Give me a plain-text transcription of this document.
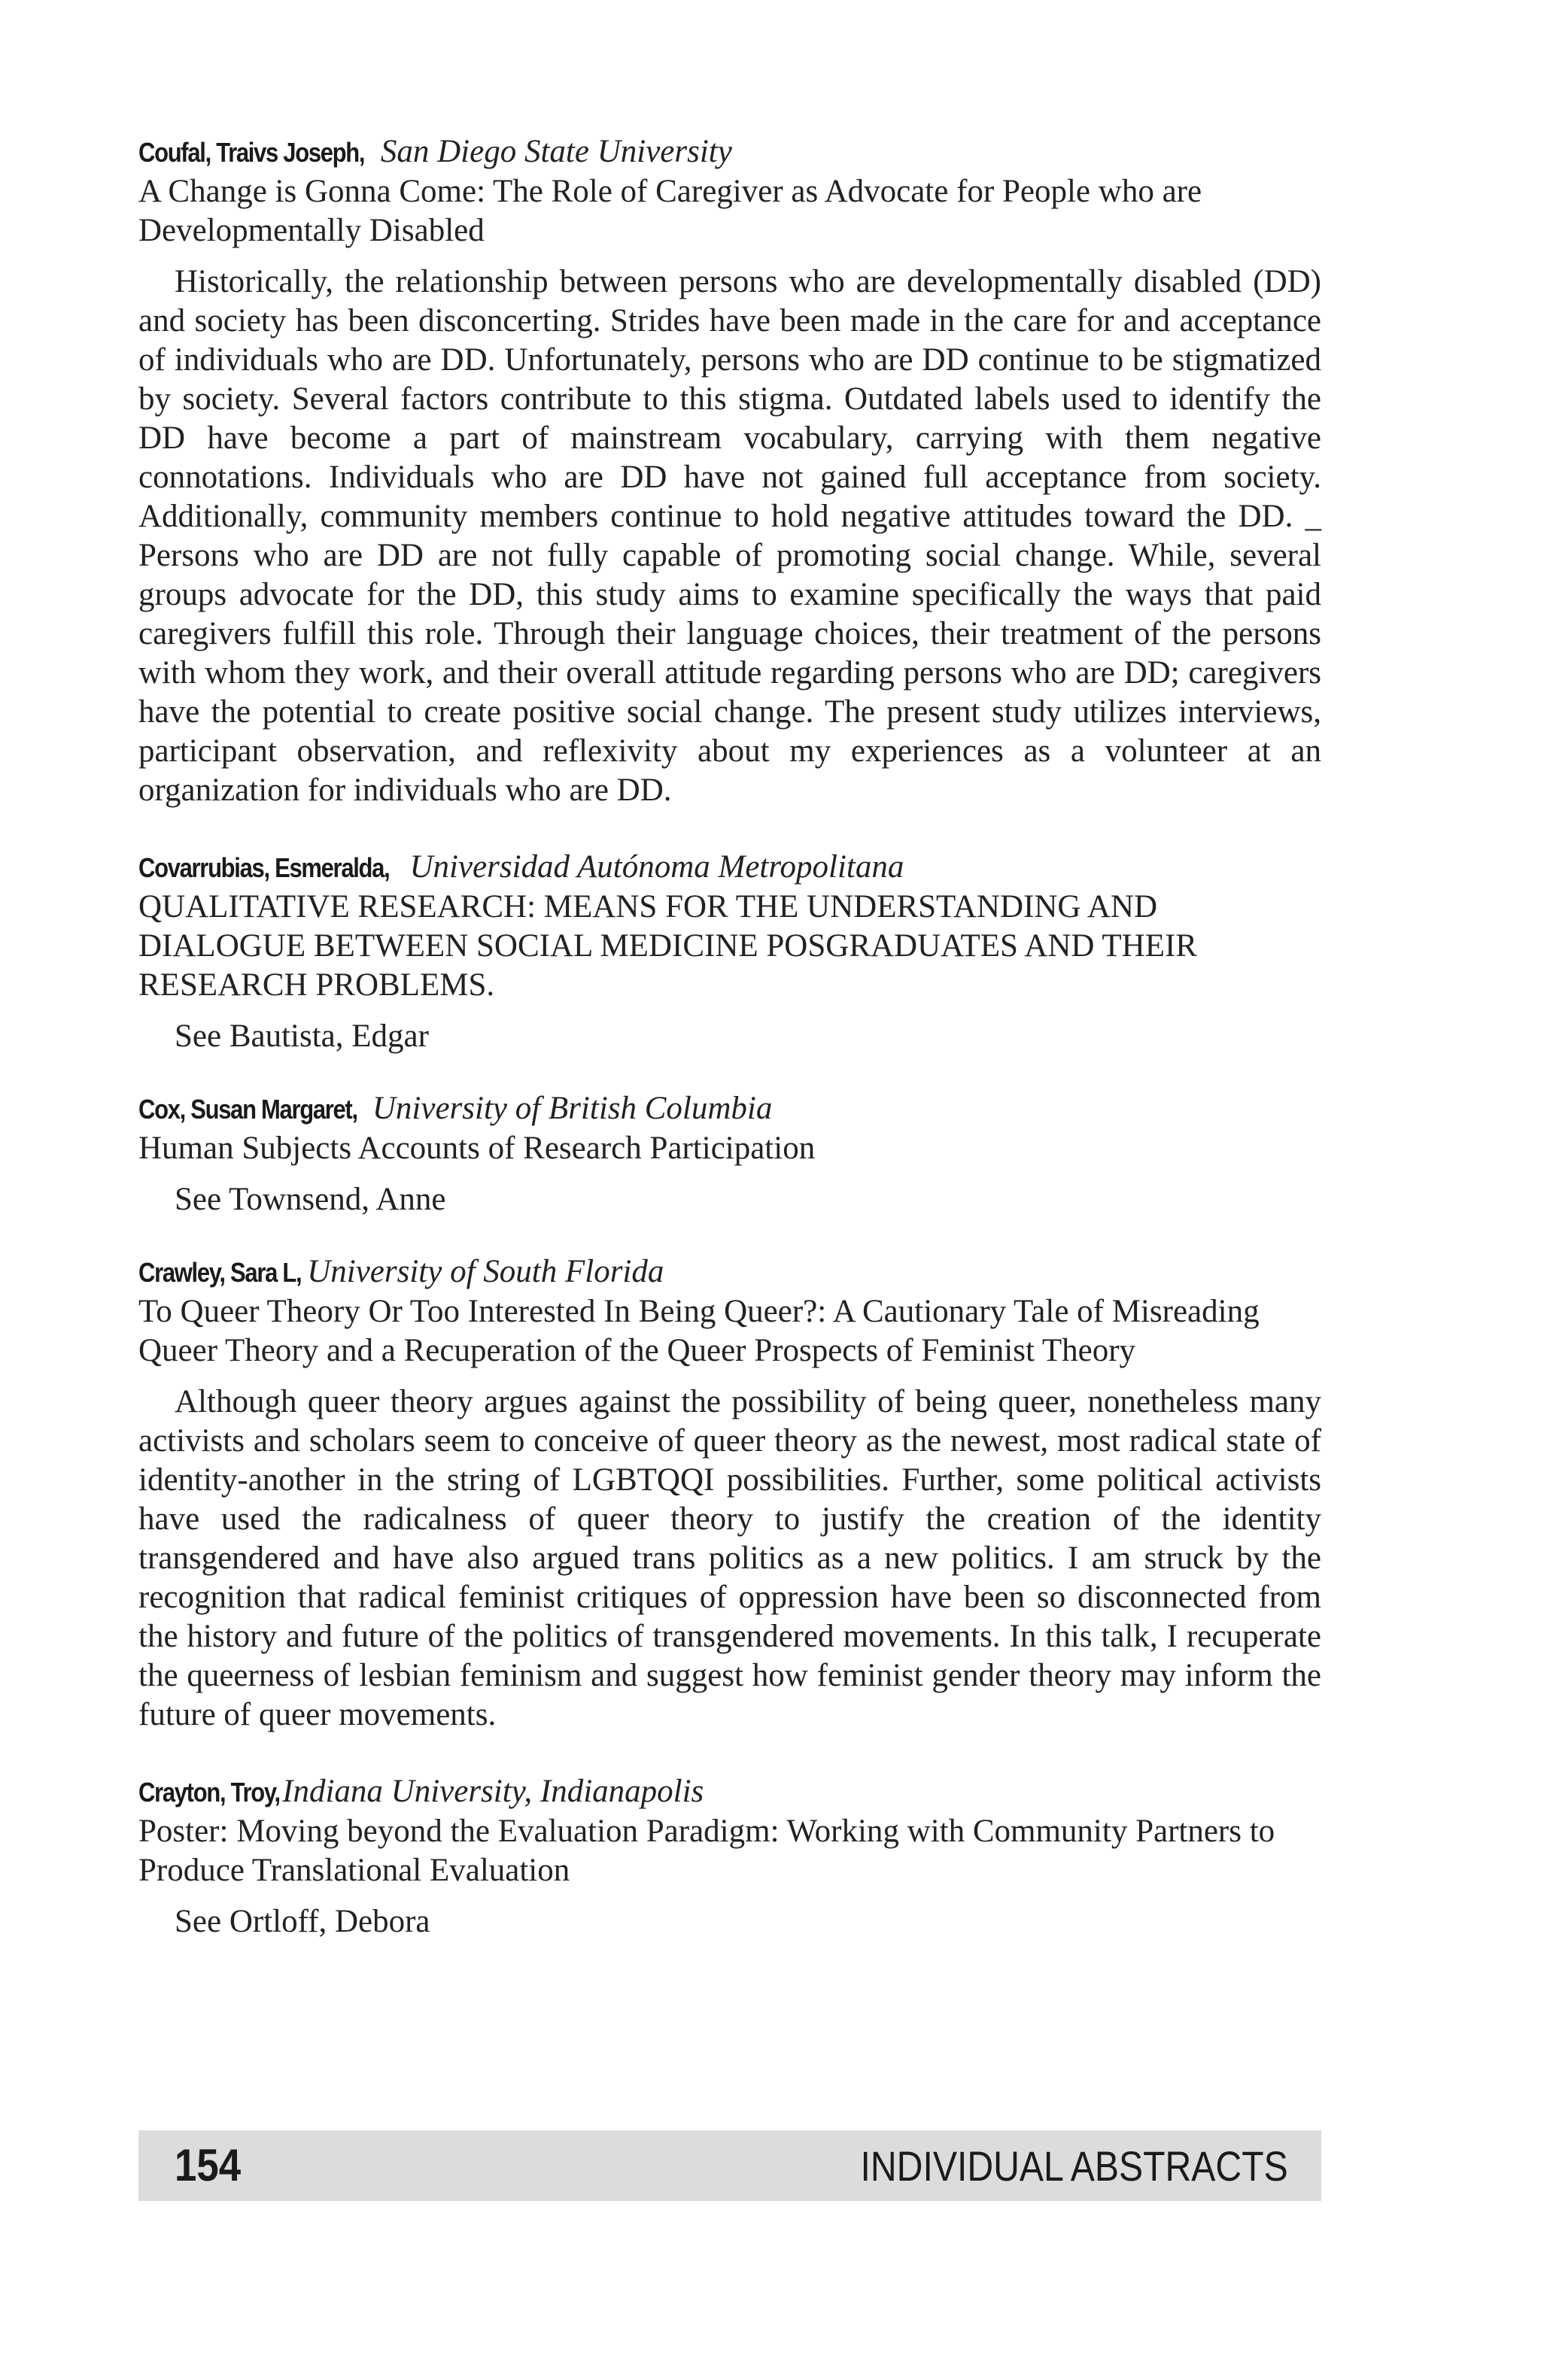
Coufal, Traivs Joseph, San Diego State University
A Change is Gonna Come: The Role of Caregiver as Advocate for People who are Developmentally Disabled
Historically, the relationship between persons who are developmentally disabled (DD) and society has been disconcerting. Strides have been made in the care for and acceptance of individuals who are DD. Unfortunately, persons who are DD continue to be stigmatized by society. Several factors contribute to this stigma. Outdated labels used to identify the DD have become a part of mainstream vocabulary, carrying with them negative connotations. Individuals who are DD have not gained full acceptance from society. Additionally, community members continue to hold negative attitudes toward the DD. _ Persons who are DD are not fully capable of promoting social change. While, several groups advocate for the DD, this study aims to examine specifically the ways that paid caregivers fulfill this role. Through their language choices, their treatment of the persons with whom they work, and their overall attitude regarding persons who are DD; caregivers have the potential to create positive social change. The present study utilizes interviews, participant observation, and reflexivity about my experiences as a volunteer at an organization for individuals who are DD.
Covarrubias, Esmeralda, Universidad Autónoma Metropolitana
QUALITATIVE RESEARCH: MEANS FOR THE UNDERSTANDING AND DIALOGUE BETWEEN SOCIAL MEDICINE POSGRADUATES AND THEIR RESEARCH PROBLEMS.
See Bautista, Edgar
Cox, Susan Margaret, University of British Columbia
Human Subjects Accounts of Research Participation
See Townsend, Anne
Crawley, Sara L, University of South Florida
To Queer Theory Or Too Interested In Being Queer?: A Cautionary Tale of Misreading Queer Theory and a Recuperation of the Queer Prospects of Feminist Theory
Although queer theory argues against the possibility of being queer, nonetheless many activists and scholars seem to conceive of queer theory as the newest, most radical state of identity-another in the string of LGBTQQI possibilities. Further, some political activists have used the radicalness of queer theory to justify the creation of the identity transgendered and have also argued trans politics as a new politics. I am struck by the recognition that radical feminist critiques of oppression have been so disconnected from the history and future of the politics of transgendered movements. In this talk, I recuperate the queerness of lesbian feminism and suggest how feminist gender theory may inform the future of queer movements.
Crayton, Troy, Indiana University, Indianapolis
Poster: Moving beyond the Evaluation Paradigm: Working with Community Partners to Produce Translational Evaluation
See Ortloff, Debora
154	INDIVIDUAL ABSTRACTS
